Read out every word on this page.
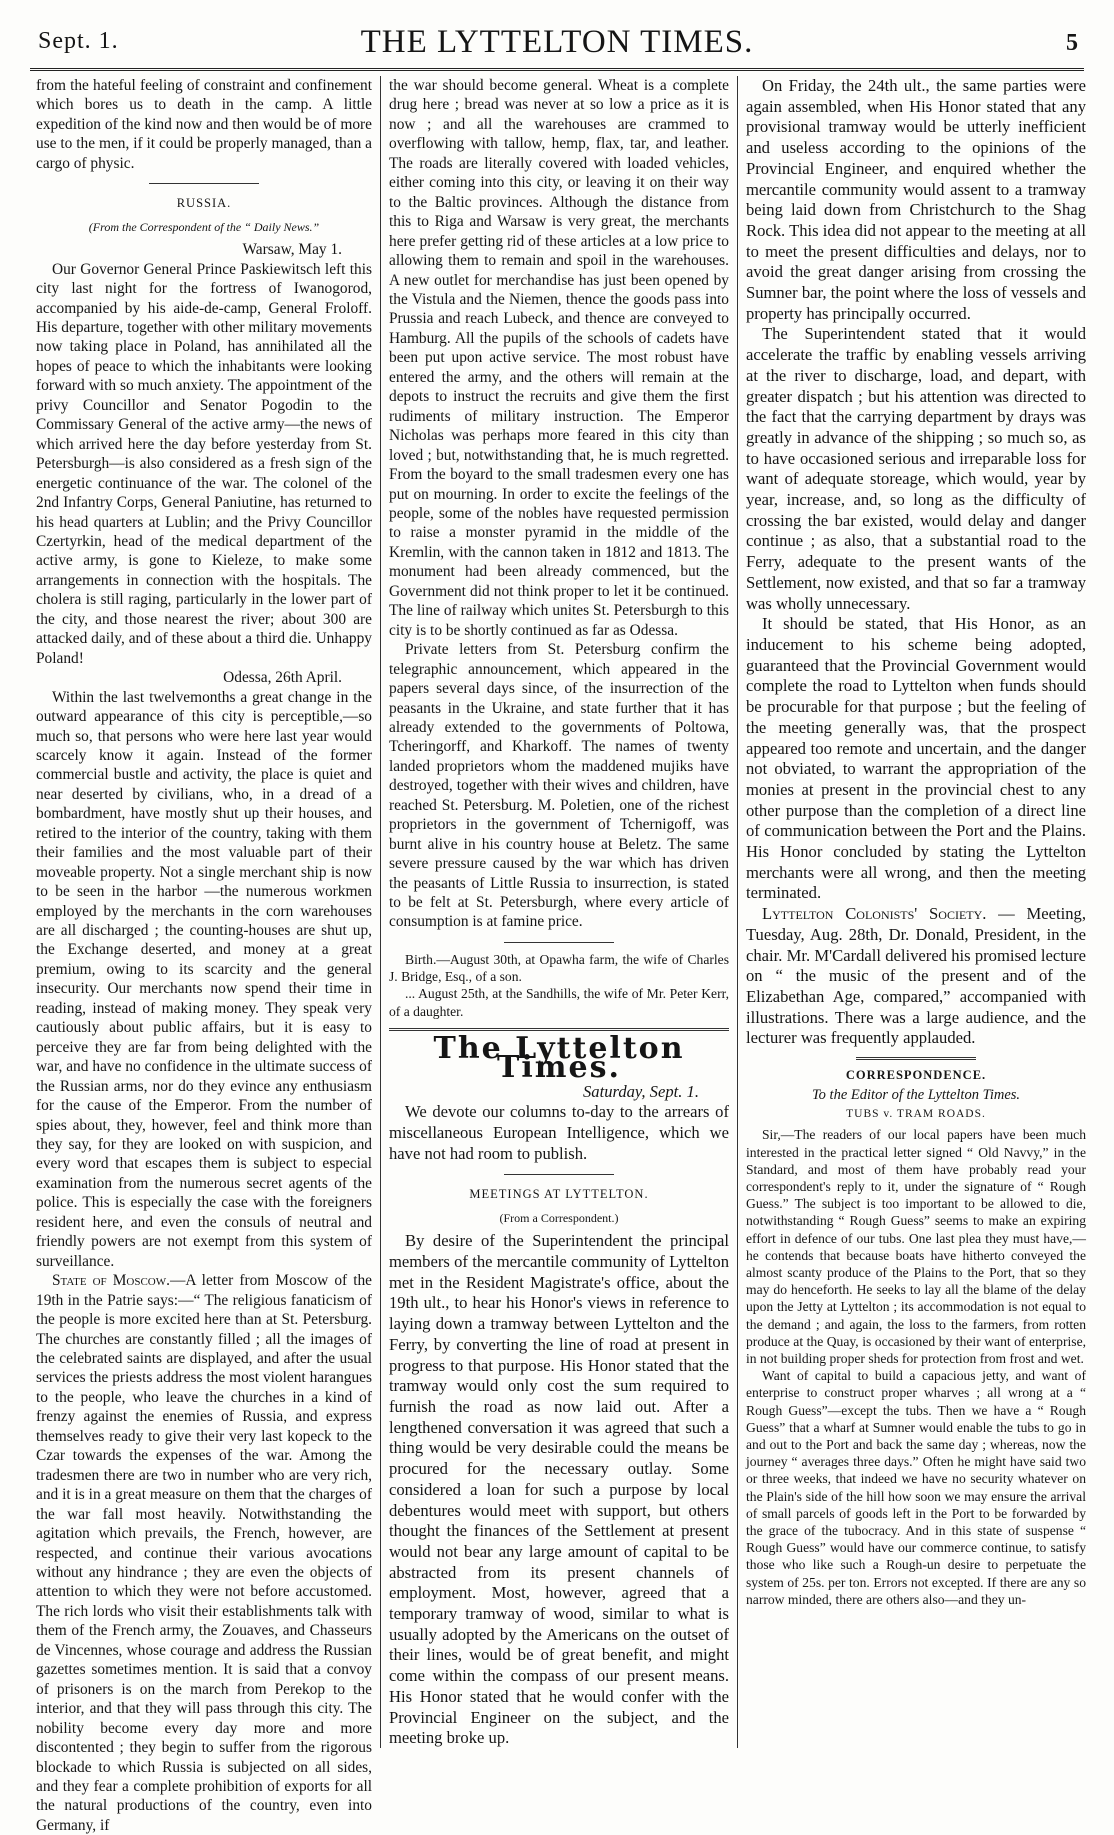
Sept. 1.	THE LYTTELTON TIMES.	5

from the hateful feeling of constraint and confinement which bores us to death in the camp. A little expedition of the kind now and then would be of more use to the men, if it could be properly managed, than a cargo of physic.

RUSSIA.
(From the Correspondent of the “ Daily News.”

Warsaw, May 1.

Our Governor General Prince Paskiewitsch left this city last night for the fortress of Iwanogorod, accompanied by his aide-de-camp, General Froloff. His departure, together with other military movements now taking place in Poland, has annihilated all the hopes of peace to which the inhabitants were looking forward with so much anxiety. The appointment of the privy Councillor and Senator Pogodin to the Commissary General of the active army—the news of which arrived here the day before yesterday from St. Petersburgh—is also considered as a fresh sign of the energetic continuance of the war. The colonel of the 2nd Infantry Corps, General Paniutine, has returned to his head quarters at Lublin; and the Privy Councillor Czertyrkin, head of the medical department of the active army, is gone to Kieleze, to make some arrangements in connection with the hospitals. The cholera is still raging, particularly in the lower part of the city, and those nearest the river; about 300 are attacked daily, and of these about a third die. Unhappy Poland!

Odessa, 26th April.

Within the last twelvemonths a great change in the outward appearance of this city is perceptible,—so much so, that persons who were here last year would scarcely know it again. Instead of the former commercial bustle and activity, the place is quiet and near deserted by civilians, who, in a dread of a bombardment, have mostly shut up their houses, and retired to the interior of the country, taking with them their families and the most valuable part of their moveable property. Not a single merchant ship is now to be seen in the harbor —the numerous workmen employed by the merchants in the corn warehouses are all discharged ; the counting-houses are shut up, the Exchange deserted, and money at a great premium, owing to its scarcity and the general insecurity. Our merchants now spend their time in reading, instead of making money. They speak very cautiously about public affairs, but it is easy to perceive they are far from being delighted with the war, and have no confidence in the ultimate success of the Russian arms, nor do they evince any enthusiasm for the cause of the Emperor. From the number of spies about, they, however, feel and think more than they say, for they are looked on with suspicion, and every word that escapes them is subject to especial examination from the numerous secret agents of the police. This is especially the case with the foreigners resident here, and even the consuls of neutral and friendly powers are not exempt from this system of surveillance.

State of Moscow.—A letter from Moscow of the 19th in the Patrie says:—“ The religious fanaticism of the people is more excited here than at St. Petersburg. The churches are constantly filled ; all the images of the celebrated saints are displayed, and after the usual services the priests address the most violent harangues to the people, who leave the churches in a kind of frenzy against the enemies of Russia, and express themselves ready to give their very last kopeck to the Czar towards the expenses of the war. Among the tradesmen there are two in number who are very rich, and it is in a great measure on them that the charges of the war fall most heavily. Notwithstanding the agitation which prevails, the French, however, are respected, and continue their various avocations without any hindrance ; they are even the objects of attention to which they were not before accustomed. The rich lords who visit their establishments talk with them of the French army, the Zouaves, and Chasseurs de Vincennes, whose courage and address the Russian gazettes sometimes mention. It is said that a convoy of prisoners is on the march from Perekop to the interior, and that they will pass through this city. The nobility become every day more and more discontented ; they begin to suffer from the rigorous blockade to which Russia is subjected on all sides, and they fear a complete prohibition of exports for all the natural productions of the country, even into Germany, if

the war should become general. Wheat is a complete drug here ; bread was never at so low a price as it is now ; and all the warehouses are crammed to overflowing with tallow, hemp, flax, tar, and leather. The roads are literally covered with loaded vehicles, either coming into this city, or leaving it on their way to the Baltic provinces. Although the distance from this to Riga and Warsaw is very great, the merchants here prefer getting rid of these articles at a low price to allowing them to remain and spoil in the warehouses. A new outlet for merchandise has just been opened by the Vistula and the Niemen, thence the goods pass into Prussia and reach Lubeck, and thence are conveyed to Hamburg. All the pupils of the schools of cadets have been put upon active service. The most robust have entered the army, and the others will remain at the depots to instruct the recruits and give them the first rudiments of military instruction. The Emperor Nicholas was perhaps more feared in this city than loved ; but, notwithstanding that, he is much regretted. From the boyard to the small tradesmen every one has put on mourning. In order to excite the feelings of the people, some of the nobles have requested permission to raise a monster pyramid in the middle of the Kremlin, with the cannon taken in 1812 and 1813. The monument had been already commenced, but the Government did not think proper to let it be continued. The line of railway which unites St. Petersburgh to this city is to be shortly continued as far as Odessa.

Private letters from St. Petersburg confirm the telegraphic announcement, which appeared in the papers several days since, of the insurrection of the peasants in the Ukraine, and state further that it has already extended to the governments of Poltowa, Tcheringorff, and Kharkoff. The names of twenty landed proprietors whom the maddened mujiks have destroyed, together with their wives and children, have reached St. Petersburg. M. Poletien, one of the richest proprietors in the government of Tchernigoff, was burnt alive in his country house at Beletz. The same severe pressure caused by the war which has driven the peasants of Little Russia to insurrection, is stated to be felt at St. Petersburgh, where every article of consumption is at famine price.

Birth.—August 30th, at Opawha farm, the wife of Charles J. Bridge, Esq., of a son.

... August 25th, at the Sandhills, the wife of Mr. Peter Kerr, of a daughter.

The Lyttelton Times.

Saturday, Sept. 1.

We devote our columns to-day to the arrears of miscellaneous European Intelligence, which we have not had room to publish.

MEETINGS AT LYTTELTON.
(From a Correspondent.)

By desire of the Superintendent the principal members of the mercantile community of Lyttelton met in the Resident Magistrate's office, about the 19th ult., to hear his Honor's views in reference to laying down a tramway between Lyttelton and the Ferry, by converting the line of road at present in progress to that purpose. His Honor stated that the tramway would only cost the sum required to furnish the road as now laid out. After a lengthened conversation it was agreed that such a thing would be very desirable could the means be procured for the necessary outlay. Some considered a loan for such a purpose by local debentures would meet with support, but others thought the finances of the Settlement at present would not bear any large amount of capital to be abstracted from its present channels of employment. Most, however, agreed that a temporary tramway of wood, similar to what is usually adopted by the Americans on the outset of their lines, would be of great benefit, and might come within the compass of our present means. His Honor stated that he would confer with the Provincial Engineer on the subject, and the meeting broke up.

On Friday, the 24th ult., the same parties were again assembled, when His Honor stated that any provisional tramway would be utterly inefficient and useless according to the opinions of the Provincial Engineer, and enquired whether the mercantile community would assent to a tramway being laid down from Christchurch to the Shag Rock. This idea did not appear to the meeting at all to meet the present difficulties and delays, nor to avoid the great danger arising from crossing the Sumner bar, the point where the loss of vessels and property has principally occurred.

The Superintendent stated that it would accelerate the traffic by enabling vessels arriving at the river to discharge, load, and depart, with greater dispatch ; but his attention was directed to the fact that the carrying department by drays was greatly in advance of the shipping ; so much so, as to have occasioned serious and irreparable loss for want of adequate storeage, which would, year by year, increase, and, so long as the difficulty of crossing the bar existed, would delay and danger continue ; as also, that a substantial road to the Ferry, adequate to the present wants of the Settlement, now existed, and that so far a tramway was wholly unnecessary.

It should be stated, that His Honor, as an inducement to his scheme being adopted, guaranteed that the Provincial Government would complete the road to Lyttelton when funds should be procurable for that purpose ; but the feeling of the meeting generally was, that the prospect appeared too remote and uncertain, and the danger not obviated, to warrant the appropriation of the monies at present in the provincial chest to any other purpose than the completion of a direct line of communication between the Port and the Plains. His Honor concluded by stating the Lyttelton merchants were all wrong, and then the meeting terminated.

Lyttelton Colonists' Society. — Meeting, Tuesday, Aug. 28th, Dr. Donald, President, in the chair. Mr. M'Cardall delivered his promised lecture on “ the music of the present and of the Elizabethan Age, compared,” accompanied with illustrations. There was a large audience, and the lecturer was frequently applauded.

CORRESPONDENCE.
To the Editor of the Lyttelton Times.
TUBS v. TRAM ROADS.

Sir,—The readers of our local papers have been much interested in the practical letter signed “ Old Navvy,” in the Standard, and most of them have probably read your correspondent's reply to it, under the signature of “ Rough Guess.” The subject is too important to be allowed to die, notwithstanding “ Rough Guess” seems to make an expiring effort in defence of our tubs. One last plea they must have,—he contends that because boats have hitherto conveyed the almost scanty produce of the Plains to the Port, that so they may do henceforth. He seeks to lay all the blame of the delay upon the Jetty at Lyttelton ; its accommodation is not equal to the demand ; and again, the loss to the farmers, from rotten produce at the Quay, is occasioned by their want of enterprise, in not building proper sheds for protection from frost and wet.

Want of capital to build a capacious jetty, and want of enterprise to construct proper wharves ; all wrong at a “ Rough Guess”—except the tubs. Then we have a “ Rough Guess” that a wharf at Sumner would enable the tubs to go in and out to the Port and back the same day ; whereas, now the journey “ averages three days.” Often he might have said two or three weeks, that indeed we have no security whatever on the Plain's side of the hill how soon we may ensure the arrival of small parcels of goods left in the Port to be forwarded by the grace of the tubocracy. And in this state of suspense “ Rough Guess” would have our commerce continue, to satisfy those who like such a Rough-un desire to perpetuate the system of 25s. per ton. Errors not excepted. If there are any so narrow minded, there are others also—and they un-
